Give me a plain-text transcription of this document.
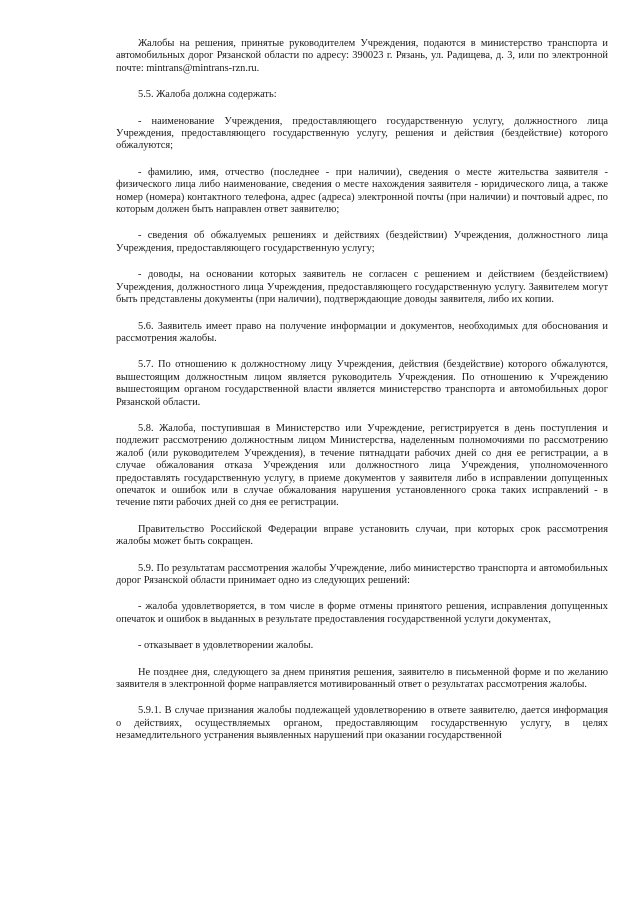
Жалобы на решения, принятые руководителем Учреждения, подаются в министерство транспорта и автомобильных дорог Рязанской области по адресу: 390023 г. Рязань, ул. Радищева, д. 3, или по электронной почте: mintrans@mintrans-rzn.ru.

5.5. Жалоба должна содержать:

- наименование Учреждения, предоставляющего государственную услугу, должностного лица Учреждения, предоставляющего государственную услугу, решения и действия (бездействие) которого обжалуются;

- фамилию, имя, отчество (последнее - при наличии), сведения о месте жительства заявителя - физического лица либо наименование, сведения о месте нахождения заявителя - юридического лица, а также номер (номера) контактного телефона, адрес (адреса) электронной почты (при наличии) и почтовый адрес, по которым должен быть направлен ответ заявителю;

- сведения об обжалуемых решениях и действиях (бездействии) Учреждения, должностного лица Учреждения, предоставляющего государственную услугу;

- доводы, на основании которых заявитель не согласен с решением и действием (бездействием) Учреждения, должностного лица Учреждения, предоставляющего государственную услугу. Заявителем могут быть представлены документы (при наличии), подтверждающие доводы заявителя, либо их копии.

5.6. Заявитель имеет право на получение информации и документов, необходимых для обоснования и рассмотрения жалобы.

5.7. По отношению к должностному лицу Учреждения, действия (бездействие) которого обжалуются, вышестоящим должностным лицом является руководитель Учреждения. По отношению к Учреждению вышестоящим органом государственной власти является министерство транспорта и автомобильных дорог Рязанской области.

5.8. Жалоба, поступившая в Министерство или Учреждение, регистрируется в день поступления и подлежит рассмотрению должностным лицом Министерства, наделенным полномочиями по рассмотрению жалоб (или руководителем Учреждения), в течение пятнадцати рабочих дней со дня ее регистрации, а в случае обжалования отказа Учреждения или должностного лица Учреждения, уполномоченного предоставлять государственную услугу, в приеме документов у заявителя либо в исправлении допущенных опечаток и ошибок или в случае обжалования нарушения установленного срока таких исправлений - в течение пяти рабочих дней со дня ее регистрации.

Правительство Российской Федерации вправе установить случаи, при которых срок рассмотрения жалобы может быть сокращен.

5.9. По результатам рассмотрения жалобы Учреждение, либо министерство транспорта и автомобильных дорог Рязанской области принимает одно из следующих решений:

- жалоба удовлетворяется, в том числе в форме отмены принятого решения, исправления допущенных опечаток и ошибок в выданных в результате предоставления государственной услуги документах,

- отказывает в удовлетворении жалобы.

Не позднее дня, следующего за днем принятия решения, заявителю в письменной форме и по желанию заявителя в электронной форме направляется мотивированный ответ о результатах рассмотрения жалобы.

5.9.1. В случае признания жалобы подлежащей удовлетворению в ответе заявителю, дается информация о действиях, осуществляемых органом, предоставляющим государственную услугу, в целях незамедлительного устранения выявленных нарушений при оказании государственной
